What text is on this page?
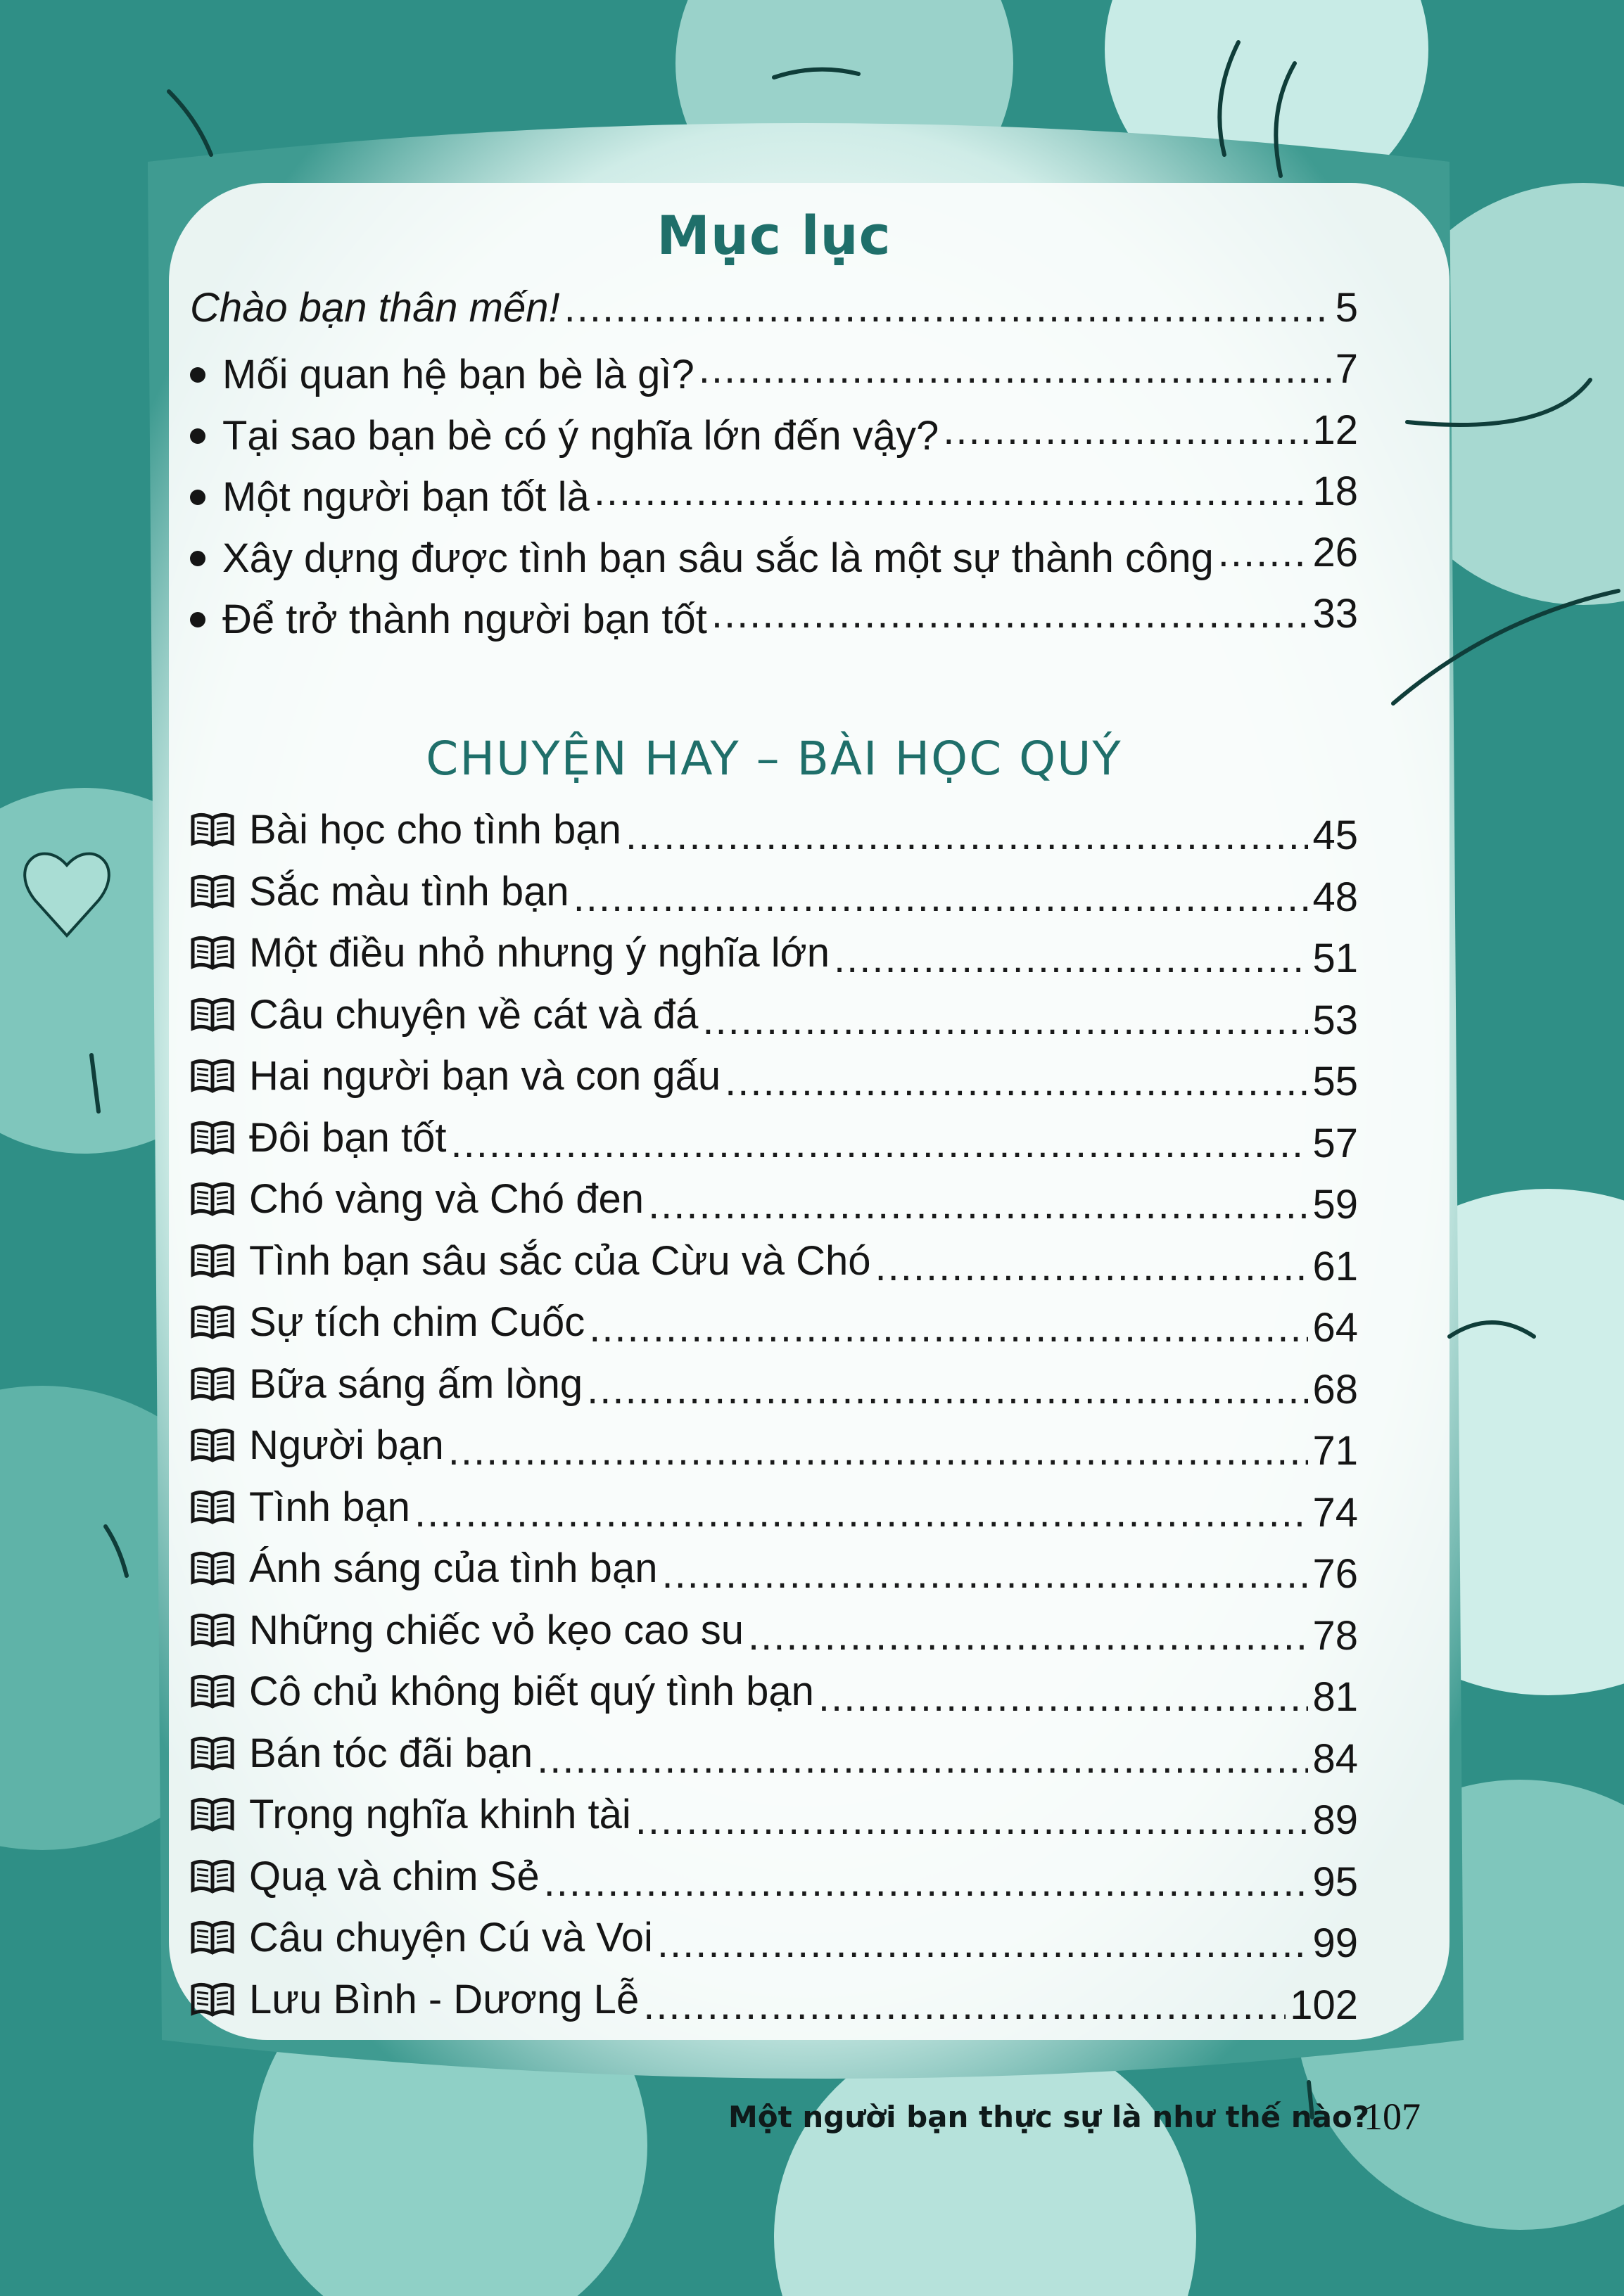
Mục lục
Chào bạn thân mến! .....	5
Mối quan hệ bạn bè là gì? .....	7
Tại sao bạn bè có ý nghĩa lớn đến vậy? .....	12
Một người bạn tốt là .....	18
Xây dựng được tình bạn sâu sắc là một sự thành công ..... 26
Để trở thành người bạn tốt .....	33
CHUYỆN HAY – BÀI HỌC QUÝ
Bài học cho tình bạn .....	45
Sắc màu tình bạn .....	48
Một điều nhỏ nhưng ý nghĩa lớn .....	51
Câu chuyện về cát và đá .....	53
Hai người bạn và con gấu .....	55
Đôi bạn tốt .....	57
Chó vàng và Chó đen .....	59
Tình bạn sâu sắc của Cừu và Chó .....	61
Sự tích chim Cuốc .....	64
Bữa sáng ấm lòng .....	68
Người bạn .....	71
Tình bạn .....	74
Ánh sáng của tình bạn .....	76
Những chiếc vỏ kẹo cao su .....	78
Cô chủ không biết quý tình bạn .....	81
Bán tóc đãi bạn .....	84
Trọng nghĩa khinh tài .....	89
Quạ và chim Sẻ .....	95
Câu chuyện Cú và Voi .....	99
Lưu Bình - Dương Lễ .....	102
Một người bạn thực sự là như thế nào?
107
